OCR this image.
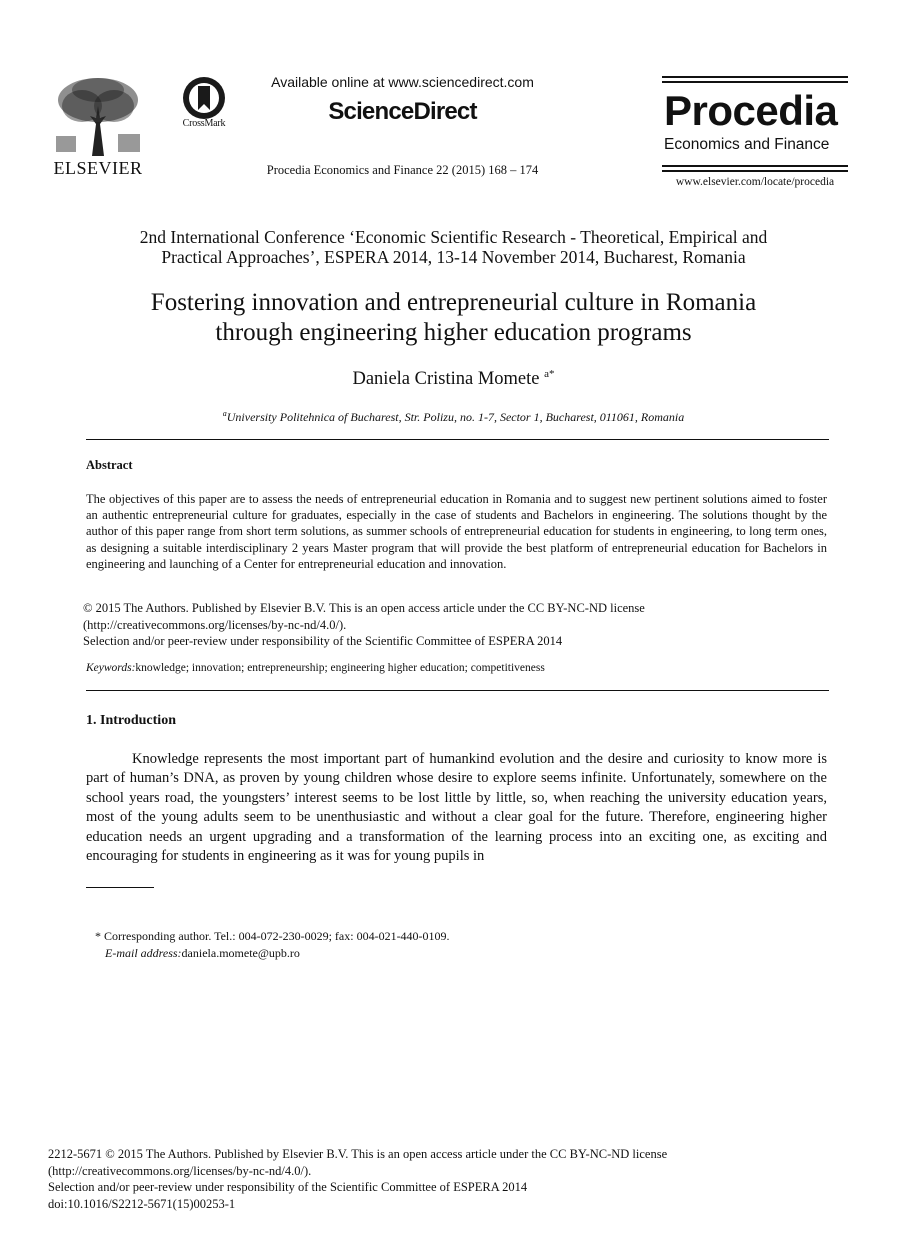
ELSEVIER
CrossMark
Available online at www.sciencedirect.com
ScienceDirect
Procedia Economics and Finance 22 (2015) 168 – 174
Procedia
Economics and Finance
www.elsevier.com/locate/procedia
2nd International Conference ‘Economic Scientific Research - Theoretical, Empirical and
Practical Approaches’, ESPERA 2014, 13-14 November 2014, Bucharest, Romania
Fostering innovation and entrepreneurial culture in Romania
through engineering higher education programs
Daniela Cristina Momete $^{a*}$
$^a$University Politehnica of Bucharest, Str. Polizu, no. 1-7, Sector 1, Bucharest, 011061, Romania
Abstract
The objectives of this paper are to assess the needs of entrepreneurial education in Romania and to suggest new pertinent solutions aimed to foster an authentic entrepreneurial culture for graduates, especially in the case of students and Bachelors in engineering. The solutions thought by the author of this paper range from short term solutions, as summer schools of entrepreneurial education for students in engineering, to long term ones, as designing a suitable interdisciplinary 2 years Master program that will provide the best platform of entrepreneurial education for Bachelors in engineering and launching of a Center for entrepreneurial education and innovation.
© 2015 The Authors. Published by Elsevier B.V. This is an open access article under the CC BY-NC-ND license
(http://creativecommons.org/licenses/by-nc-nd/4.0/).
Selection and/or peer-review under responsibility of the Scientific Committee of ESPERA 2014
Keywords:knowledge; innovation; entrepreneurship; engineering higher education; competitiveness
1. Introduction
Knowledge represents the most important part of humankind evolution and the desire and curiosity to know more is part of human’s DNA, as proven by young children whose desire to explore seems infinite. Unfortunately, somewhere on the school years road, the youngsters’ interest seems to be lost little by little, so, when reaching the university education years, most of the young adults seem to be unenthusiastic and without a clear goal for the future. Therefore, engineering higher education needs an urgent upgrading and a transformation of the learning process into an exciting one, as exciting and encouraging for students in engineering as it was for young pupils in
* Corresponding author. Tel.: 004-072-230-0029; fax: 004-021-440-0109.
E-mail address:daniela.momete@upb.ro
2212-5671 © 2015 The Authors. Published by Elsevier B.V. This is an open access article under the CC BY-NC-ND license
(http://creativecommons.org/licenses/by-nc-nd/4.0/).
Selection and/or peer-review under responsibility of the Scientific Committee of ESPERA 2014
doi:10.1016/S2212-5671(15)00253-1
